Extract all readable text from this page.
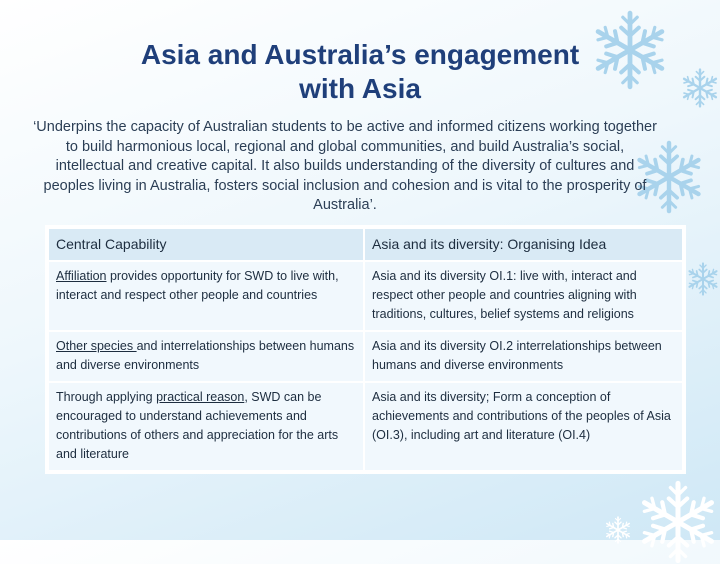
Asia and Australia’s engagement
with Asia
‘Underpins the capacity of Australian students to be active and informed citizens working together to build harmonious local, regional and global communities, and build Australia’s social, intellectual and creative capital. It also builds understanding of the diversity of cultures and peoples living in Australia, fosters social inclusion and cohesion and is vital to the prosperity of Australia’.
Central Capability	Asia and its diversity: Organising Idea
Affiliation provides opportunity for SWD to live with, interact and respect other people and countries	Asia and its diversity OI.1: live with, interact and respect other people and countries aligning with traditions, cultures, belief systems and religions
Other species and interrelationships between humans and diverse environments	Asia and its diversity OI.2 interrelationships between humans and diverse environments
Through applying practical reason, SWD can be encouraged to understand achievements and contributions of others and appreciation for the arts and literature	Asia and its diversity; Form a conception of achievements and contributions of the peoples of Asia (OI.3), including art and literature (OI.4)
